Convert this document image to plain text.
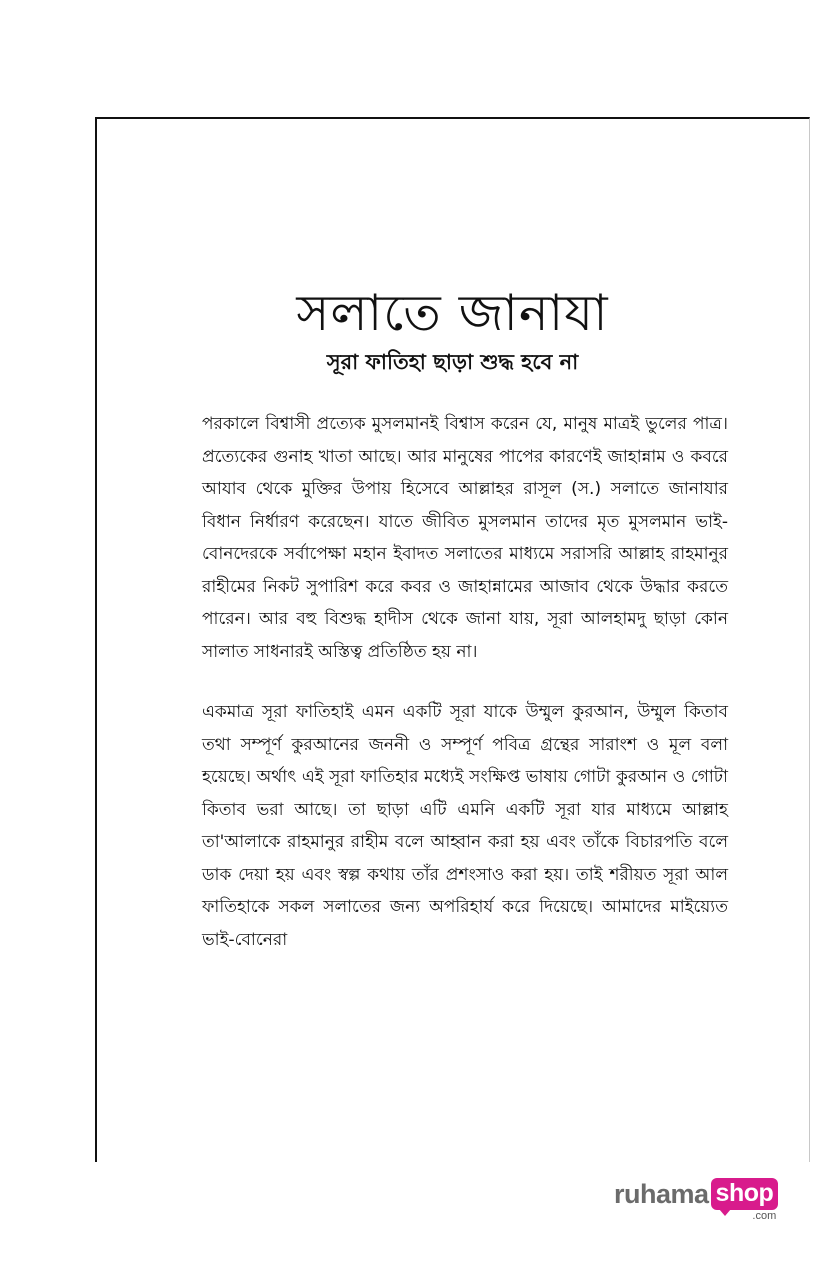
সলাতে জানাযা
সূরা ফাতিহা ছাড়া শুদ্ধ হবে না

পরকালে বিশ্বাসী প্রত্যেক মুসলমানই বিশ্বাস করেন যে, মানুষ মাত্রই ভুলের পাত্র। প্রত্যেকের গুনাহ খাতা আছে। আর মানুষের পাপের কারণেই জাহান্নাম ও কবরে আযাব থেকে মুক্তির উপায় হিসেবে আল্লাহর রাসূল (স.) সলাতে জানাযার বিধান নির্ধারণ করেছেন। যাতে জীবিত মুসলমান তাদের মৃত মুসলমান ভাই-বোনদেরকে সর্বাপেক্ষা মহান ইবাদত সলাতের মাধ্যমে সরাসরি আল্লাহ রাহমানুর রাহীমের নিকট সুপারিশ করে কবর ও জাহান্নামের আজাব থেকে উদ্ধার করতে পারেন। আর বহু বিশুদ্ধ হাদীস থেকে জানা যায়, সূরা আলহামদু ছাড়া কোন সালাত সাধনারই অস্তিত্ব প্রতিষ্ঠিত হয় না।

একমাত্র সূরা ফাতিহাই এমন একটি সূরা যাকে উম্মুল কুরআন, উম্মুল কিতাব তথা সম্পূর্ণ কুরআনের জননী ও সম্পূর্ণ পবিত্র গ্রন্থের সারাংশ ও মূল বলা হয়েছে। অর্থাৎ এই সূরা ফাতিহার মধ্যেই সংক্ষিপ্ত ভাষায় গোটা কুরআন ও গোটা কিতাব ভরা আছে। তা ছাড়া এটি এমনি একটি সূরা যার মাধ্যমে আল্লাহ তা'আলাকে রাহমানুর রাহীম বলে আহ্বান করা হয় এবং তাঁকে বিচারপতি বলে ডাক দেয়া হয় এবং স্বল্প কথায় তাঁর প্রশংসাও করা হয়। তাই শরীয়ত সূরা আল ফাতিহাকে সকল সলাতের জন্য অপরিহার্য করে দিয়েছে। আমাদের মাইয়্যেত ভাই-বোনেরা

ruhama shop
.com
